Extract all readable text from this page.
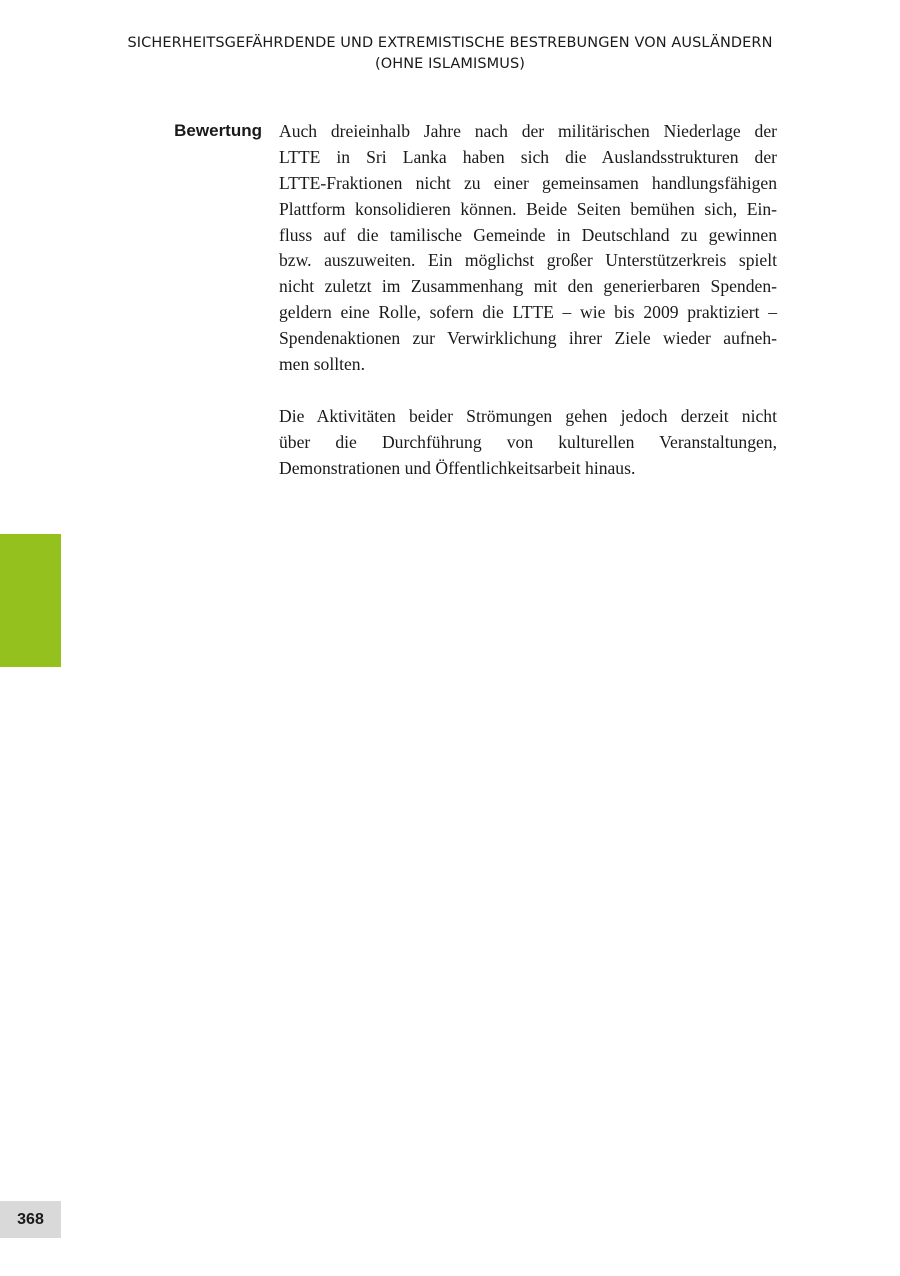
SICHERHEITSGEFÄHRDENDE UND EXTREMISTISCHE BESTREBUNGEN VON AUSLÄNDERN
(OHNE ISLAMISMUS)
Bewertung Auch dreieinhalb Jahre nach der militärischen Niederlage der
LTTE in Sri Lanka haben sich die Auslandsstrukturen der
LTTE-Fraktionen nicht zu einer gemeinsamen handlungsfähigen
Plattform konsolidieren können. Beide Seiten bemühen sich, Ein-
fluss auf die tamilische Gemeinde in Deutschland zu gewinnen
bzw. auszuweiten. Ein möglichst großer Unterstützerkreis spielt
nicht zuletzt im Zusammenhang mit den generierbaren Spenden-
geldern eine Rolle, sofern die LTTE – wie bis 2009 praktiziert –
Spendenaktionen zur Verwirklichung ihrer Ziele wieder aufneh-
men sollten.
Die Aktivitäten beider Strömungen gehen jedoch derzeit nicht
über die Durchführung von kulturellen Veranstaltungen,
Demonstrationen und Öffentlichkeitsarbeit hinaus.
368
